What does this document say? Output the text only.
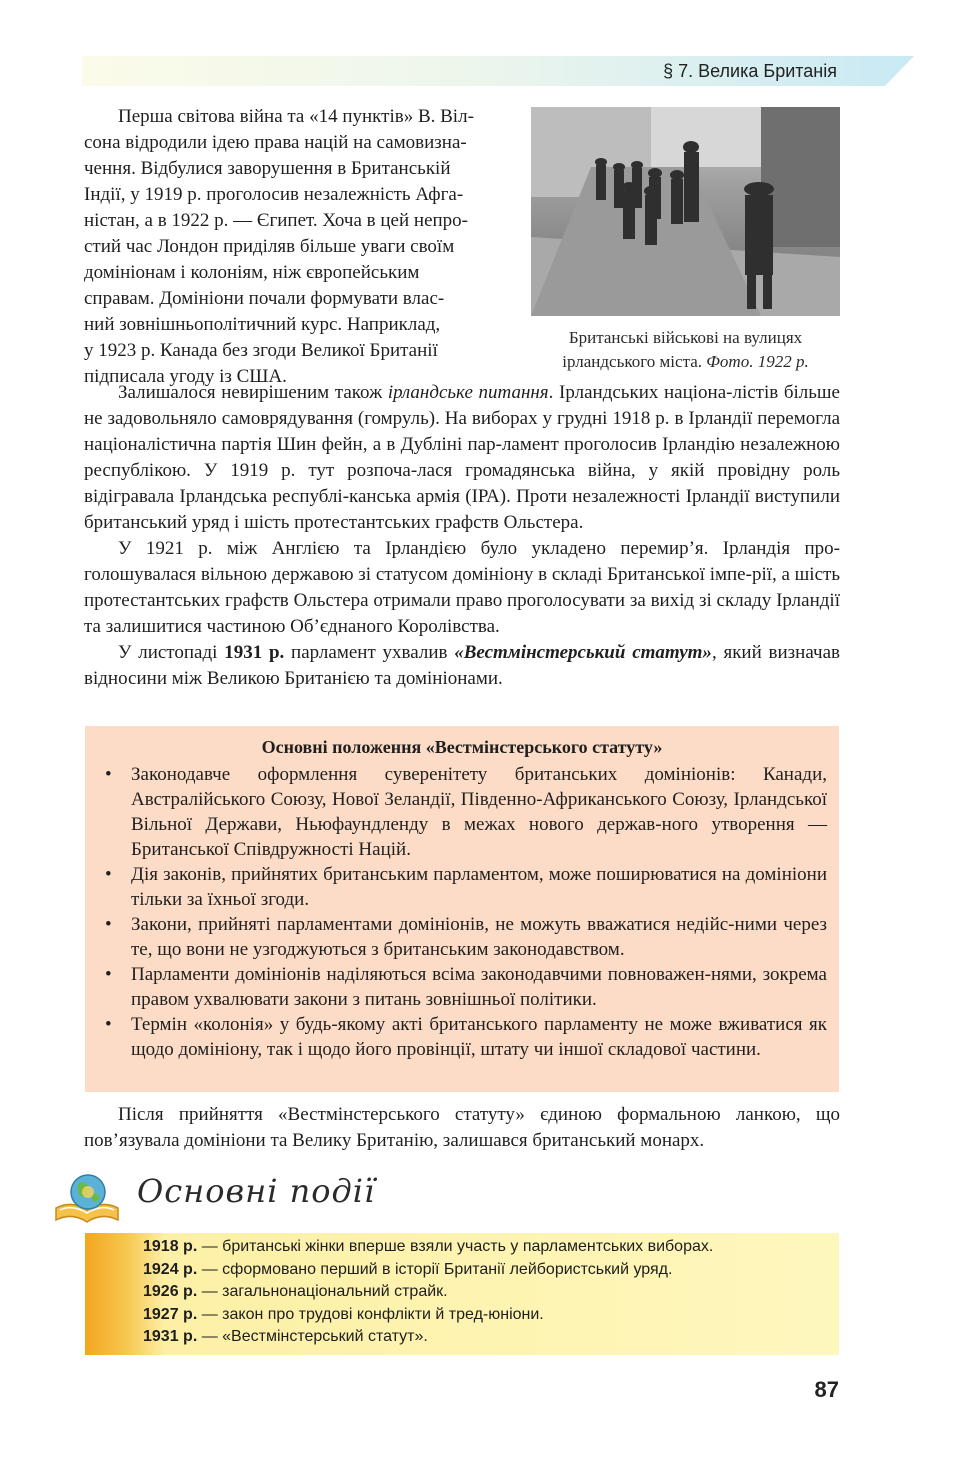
§ 7. Велика Британія
Перша світова війна та «14 пунктів» В. Віл-
сона відродили ідею права націй на самовизна-
чення. Відбулися заворушення в Британській
Індії, у 1919 р. проголосив незалежність Афга-
ністан, а в 1922 р. — Єгипет. Хоча в цей непро-
стий час Лондон приділяв більше уваги своїм
домініонам і колоніям, ніж європейським
справам. Домініони почали формувати влас-
ний зовнішньополітичний курс. Наприклад,
у 1923 р. Канада без згоди Великої Британії
підписала угоду із США.
Британські військові на вулицях
ірландського міста. Фото. 1922 р.

Залишалося невирішеним також ірландське питання. Ірландських націона-лістів більше не задовольняло самоврядування (гомруль). На виборах у грудні 1918 р. в Ірландії перемогла націоналістична партія Шин фейн, а в Дубліні пар-ламент проголосив Ірландію незалежною республікою. У 1919 р. тут розпоча-лася громадянська війна, у якій провідну роль відігравала Ірландська республі-канська армія (ІРА). Проти незалежності Ірландії виступили британський уряд і шість протестантських графств Ольстера.

У 1921 р. між Англією та Ірландією було укладено перемир’я. Ірландія про-голошувалася вільною державою зі статусом домініону в складі Британської імпе-рії, а шість протестантських графств Ольстера отримали право проголосувати за вихід зі складу Ірландії та залишитися частиною Об’єднаного Королівства.

У листопаді 1931 р. парламент ухвалив «Вестмінстерський статут», який визначав відносини між Великою Британією та домініонами.

Основні положення «Вестмінстерського статуту»
• Законодавче оформлення суверенітету британських домініонів: Канади, Австралійського Союзу, Нової Зеландії, Південно-Африканського Союзу, Ірландської Вільної Держави, Ньюфаундленду в межах нового держав-ного утворення — Британської Співдружності Націй.
• Дія законів, прийнятих британським парламентом, може поширюватися на домініони тільки за їхньої згоди.
• Закони, прийняті парламентами домініонів, не можуть вважатися недійс-ними через те, що вони не узгоджуються з британським законодавством.
• Парламенти домініонів наділяються всіма законодавчими повноважен-нями, зокрема правом ухвалювати закони з питань зовнішньої політики.
• Термін «колонія» у будь-якому акті британського парламенту не може вживатися як щодо домініону, так і щодо його провінції, штату чи іншої складової частини.

Після прийняття «Вестмінстерського статуту» єдиною формальною ланкою, що пов’язувала домініони та Велику Британію, залишався британський монарх.

Основні події
1918 р. — британські жінки вперше взяли участь у парламентських виборах.
1924 р. — сформовано перший в історії Британії лейбористський уряд.
1926 р. — загальнонаціональний страйк.
1927 р. — закон про трудові конфлікти й тред-юніони.
1931 р. — «Вестмінстерський статут».
87
